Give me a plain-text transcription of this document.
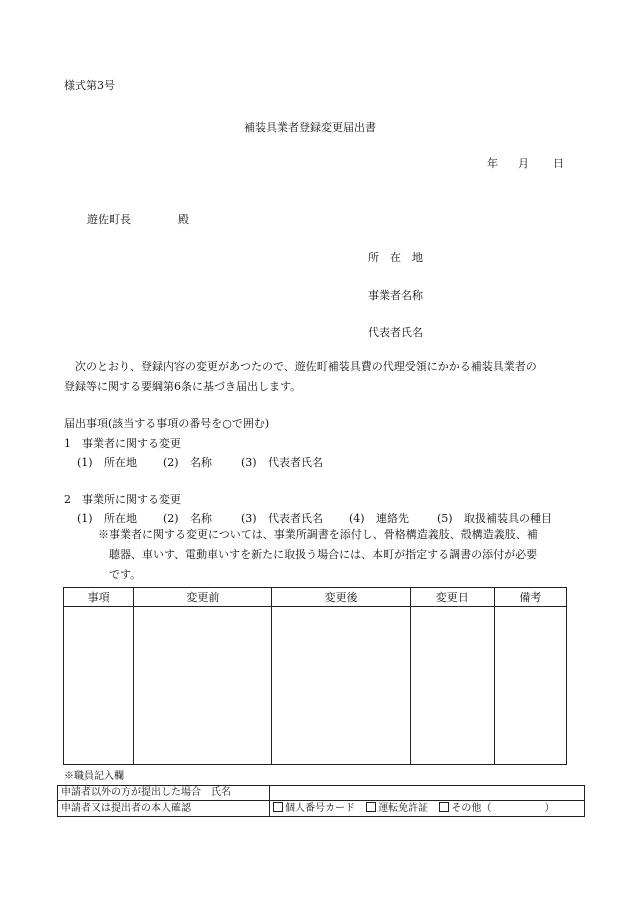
様式第3号
補装具業者登録変更届出書
年 月 日
遊佐町長	殿
所　在　地
事業者名称
代表者氏名
次のとおり、登録内容の変更があつたので、遊佐町補装具費の代理受領にかかる補装具業者の
登録等に関する要綱第6条に基づき届出します。
届出事項(該当する事項の番号を○で囲む)
1　事業者に関する変更
(1) 所在地 (2) 名称	(3) 代表者氏名
2　事業所に関する変更
(1) 所在地 (2) 名称	(3) 代表者氏名 (4) 連絡先	(5) 取扱補装具の種目
※事業者に関する変更については、事業所調書を添付し、骨格構造義肢、殻構造義肢、補
聴器、車いす、電動車いすを新たに取扱う場合には、本町が指定する調書の添付が必要
です。
事項	変更前	変更後	変更日	備考

※職員記入欄
申請者以外の方が提出した場合　氏名	
申請者又は提出者の本人確認	個人番号カード 運転免許証 その他（ ）
